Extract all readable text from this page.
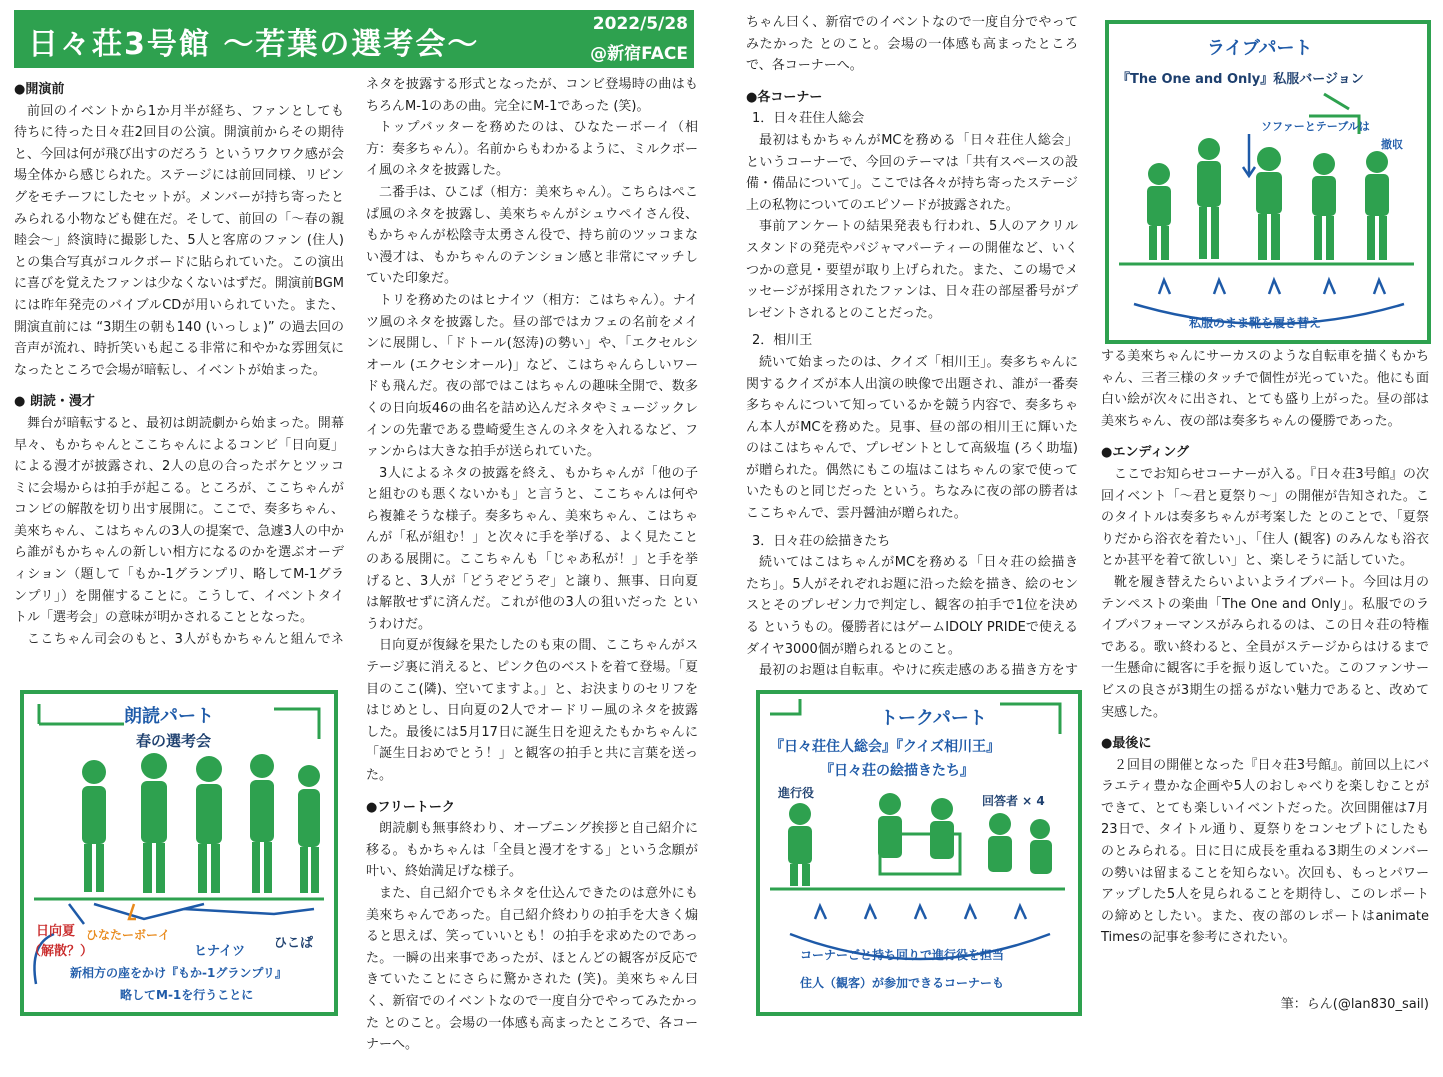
日々荘3号館 〜若葉の選考会〜
2022/5/28
@新宿FACE
●開演前

前回のイベントから1か月半が経ち、ファンとしても待ちに待った日々荘2回目の公演。開演前からその期待と、今回は何が飛び出すのだろう というワクワク感が会場全体から感じられた。ステージには前回同様、リビングをモチーフにしたセットが。メンバーが持ち寄ったとみられる小物なども健在だ。そして、前回の「〜春の親睦会〜」終演時に撮影した、5人と客席のファン (住人) との集合写真がコルクボードに貼られていた。この演出に喜びを覚えたファンは少なくないはずだ。開演前BGMには昨年発売のバイブルCDが用いられていた。また、開演直前には “3期生の朝も140 (いっしょ)” の過去回の音声が流れ、時折笑いも起こる非常に和やかな雰囲気になったところで会場が暗転し、イベントが始まった。

● 朗読・漫才

舞台が暗転すると、最初は朗読劇から始まった。開幕早々、もかちゃんとここちゃんによるコンビ「日向夏」による漫才が披露され、2人の息の合ったボケとツッコミに会場からは拍手が起こる。ところが、ここちゃんがコンビの解散を切り出す展開に。ここで、奏多ちゃん、美來ちゃん、こはちゃんの3人の提案で、急遽3人の中から誰がもかちゃんの新しい相方になるのかを選ぶオーディション（題して「もか-1グランプリ、略してM-1グランプリ」）を開催することに。こうして、イベントタイトル「選考会」の意味が明かされることとなった。

ここちゃん司会のもと、3人がもかちゃんと組んでネ

朗読パート
春の選考会
日向夏
（解散？）
ひなたーボーイ
ヒナイツ
ひこぱ
新相方の座をかけ『もか-1グランプリ』
略してM-1を行うことに

ネタを披露する形式となったが、コンビ登場時の曲はもちろんM-1のあの曲。完全にM-1であった (笑)。

トップバッターを務めたのは、ひなたーボーイ（相方：奏多ちゃん）。名前からもわかるように、ミルクボーイ風のネタを披露した。

二番手は、ひこぱ（相方：美來ちゃん）。こちらはぺこぱ風のネタを披露し、美來ちゃんがシュウペイさん役、もかちゃんが松陰寺太勇さん役で、持ち前のツッコまない漫才は、もかちゃんのテンション感と非常にマッチしていた印象だ。

トリを務めたのはヒナイツ（相方：こはちゃん）。ナイツ風のネタを披露した。昼の部ではカフェの名前をメインに展開し、「ドトール(怒涛)の勢い」や、「エクセルシオール (エクセシオール)」など、こはちゃんらしいワードも飛んだ。夜の部ではこはちゃんの趣味全開で、数多くの日向坂46の曲名を詰め込んだネタやミュージックレインの先輩である豊崎愛生さんのネタを入れるなど、ファンからは大きな拍手が送られていた。

3人によるネタの披露を終え、もかちゃんが「他の子と組むのも悪くないかも」と言うと、ここちゃんは何やら複雑そうな様子。奏多ちゃん、美來ちゃん、こはちゃんが「私が組む！」と次々に手を挙げる、よく見たことのある展開に。ここちゃんも「じゃあ私が！」と手を挙げると、3人が「どうぞどうぞ」と譲り、無事、日向夏は解散せずに済んだ。これが他の3人の狙いだった というわけだ。

日向夏が復縁を果たしたのも束の間、ここちゃんがステージ裏に消えると、ピンク色のベストを着て登場。「夏目のここ(隣)、空いてますよ。」と、お決まりのセリフをはじめとし、日向夏の2人でオードリー風のネタを披露した。最後には5月17日に誕生日を迎えたもかちゃんに「誕生日おめでとう！」と観客の拍手と共に言葉を送った。

●フリートーク

朗読劇も無事終わり、オープニング挨拶と自己紹介に移る。もかちゃんは「全員と漫才をする」という念願が叶い、終始満足げな様子。

また、自己紹介でもネタを仕込んできたのは意外にも美來ちゃんであった。自己紹介終わりの拍手を大きく煽ると思えば、笑っていいとも！の拍手を求めたのであった。一瞬の出来事であったが、ほとんどの観客が反応できていたことにさらに驚かされた (笑)。美來ちゃん曰く、新宿でのイベントなので一度自分でやってみたかった とのこと。会場の一体感も高まったところで、各コーナーへ。

ちゃん曰く、新宿でのイベントなので一度自分でやってみたかった とのこと。会場の一体感も高まったところで、各コーナーへ。

●各コーナー
1．日々荘住人総会

最初はもかちゃんがMCを務める「日々荘住人総会」というコーナーで、今回のテーマは「共有スペースの設備・備品について」。ここでは各々が持ち寄ったステージ上の私物についてのエピソードが披露された。

事前アンケートの結果発表も行われ、5人のアクリルスタンドの発売やパジャマパーティーの開催など、いくつかの意見・要望が取り上げられた。また、この場でメッセージが採用されたファンは、日々荘の部屋番号がプレゼントされるとのことだった。

2．相川王

続いて始まったのは、クイズ「相川王」。奏多ちゃんに関するクイズが本人出演の映像で出題され、誰が一番奏多ちゃんについて知っているかを競う内容で、奏多ちゃん本人がMCを務めた。見事、昼の部の相川王に輝いたのはこはちゃんで、プレゼントとして高級塩 (ろく助塩) が贈られた。偶然にもこの塩はこはちゃんの家で使っていたものと同じだった という。ちなみに夜の部の勝者はここちゃんで、雲丹醤油が贈られた。

3．日々荘の絵描きたち

続いてはこはちゃんがMCを務める「日々荘の絵描きたち」。5人がそれぞれお題に沿った絵を描き、絵のセンスとそのプレゼン力で判定し、観客の拍手で1位を決める というもの。優勝者にはゲームIDOLY PRIDEで使えるダイヤ3000個が贈られるとのこと。

最初のお題は自転車。やけに疾走感のある描き方をす

トークパート
『日々荘住人総会』『クイズ相川王』
『日々荘の絵描きたち』
進行役
回答者 × 4
コーナーごと持ち回りで進行役を担当
住人（観客）が参加できるコーナーも
ライブパート
『The One and Only』私服バージョン
ソファーとテーブルは
撤収
私服のまま靴を履き替え

する美來ちゃんにサーカスのような自転車を描くもかちゃん、三者三様のタッチで個性が光っていた。他にも面白い絵が次々に出され、とても盛り上がった。昼の部は美來ちゃん、夜の部は奏多ちゃんの優勝であった。

●エンディング

ここでお知らせコーナーが入る。『日々荘3号館』の次回イベント「〜君と夏祭り〜」の開催が告知された。このタイトルは奏多ちゃんが考案した とのことで、「夏祭りだから浴衣を着たい」、「住人 (観客) のみんなも浴衣とか甚平を着て欲しい」と、楽しそうに話していた。

靴を履き替えたらいよいよライブパート。今回は月のテンペストの楽曲「The One and Only」。私服でのライブパフォーマンスがみられるのは、この日々荘の特権である。歌い終わると、全員がステージからはけるまで一生懸命に観客に手を振り返していた。このファンサービスの良さが3期生の揺るがない魅力であると、改めて実感した。

●最後に

２回目の開催となった『日々荘3号館』。前回以上にバラエティ豊かな企画や5人のおしゃべりを楽しむことができて、とても楽しいイベントだった。次回開催は7月23日で、タイトル通り、夏祭りをコンセプトにしたものとみられる。日に日に成長を重ねる3期生のメンバーの勢いは留まることを知らない。次回も、もっとパワーアップした5人を見られることを期待し、このレポートの締めとしたい。また、夜の部のレポートはanimate Timesの記事を参考にされたい。

筆：らん(@lan830_sail)
